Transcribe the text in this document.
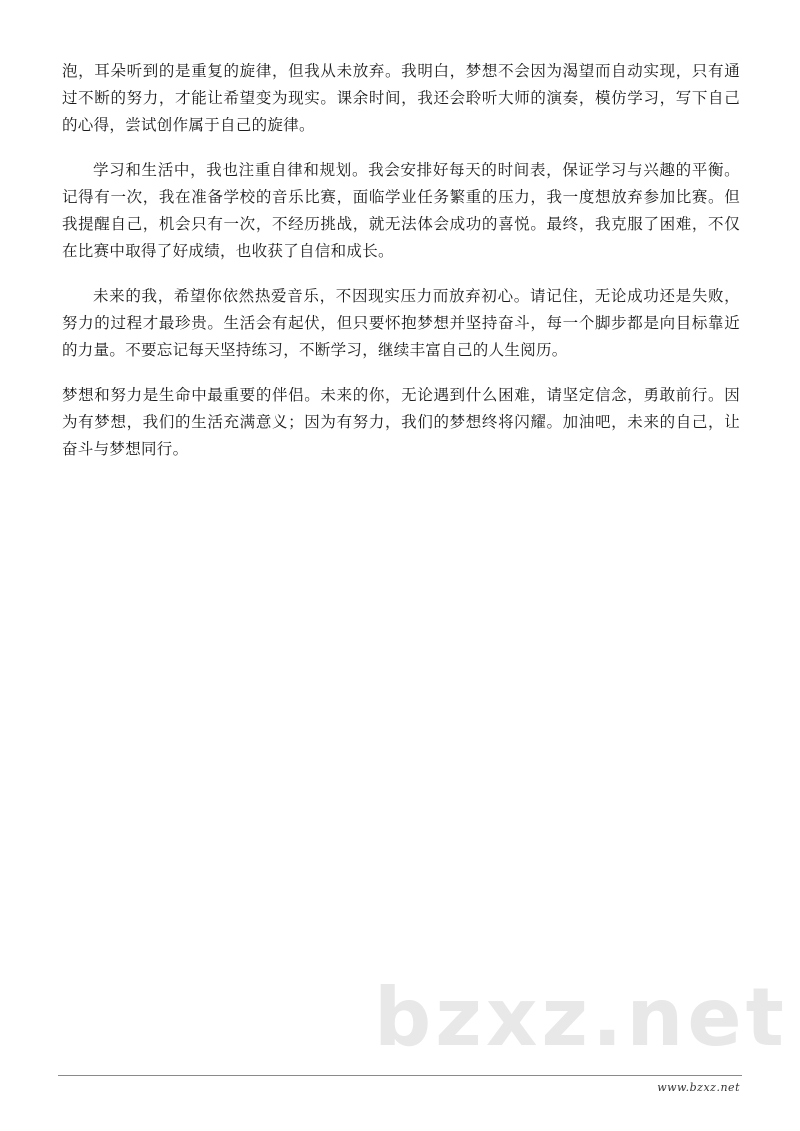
泡，耳朵听到的是重复的旋律，但我从未放弃。我明白，梦想不会因为渴望而自动实现，只有通过不断的努力，才能让希望变为现实。课余时间，我还会聆听大师的演奏，模仿学习，写下自己的心得，尝试创作属于自己的旋律。

学习和生活中，我也注重自律和规划。我会安排好每天的时间表，保证学习与兴趣的平衡。记得有一次，我在准备学校的音乐比赛，面临学业任务繁重的压力，我一度想放弃参加比赛。但我提醒自己，机会只有一次，不经历挑战，就无法体会成功的喜悦。最终，我克服了困难，不仅在比赛中取得了好成绩，也收获了自信和成长。

未来的我，希望你依然热爱音乐，不因现实压力而放弃初心。请记住，无论成功还是失败，努力的过程才最珍贵。生活会有起伏，但只要怀抱梦想并坚持奋斗，每一个脚步都是向目标靠近的力量。不要忘记每天坚持练习，不断学习，继续丰富自己的人生阅历。

梦想和努力是生命中最重要的伴侣。未来的你，无论遇到什么困难，请坚定信念，勇敢前行。因为有梦想，我们的生活充满意义；因为有努力，我们的梦想终将闪耀。加油吧，未来的自己，让奋斗与梦想同行。

bzxz.net
www.bzxz.net
